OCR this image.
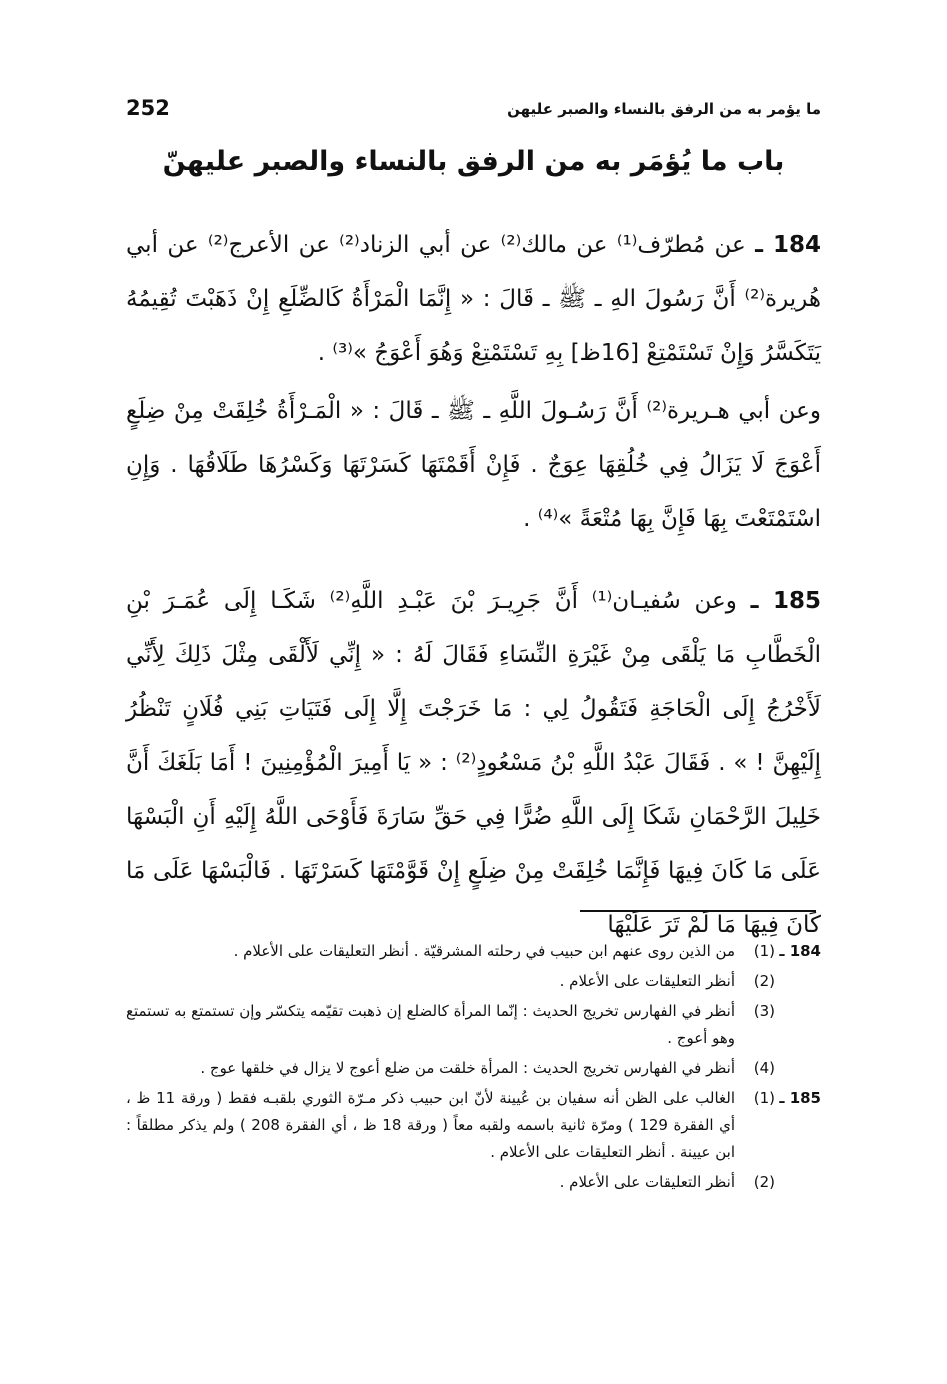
252	ما يؤمر به من الرفق بالنساء والصبر عليهن
باب ما يُؤمَر به من الرفق بالنساء والصبر عليهنّ
184 ـ عن مُطرّف⁽¹⁾ عن مالك⁽²⁾ عن أبي الزناد⁽²⁾ عن الأعرج⁽²⁾ عن أبي هُريرة⁽²⁾ أَنَّ رَسُولَ الهِ ـ ﷺ ـ قَالَ : « إِنَّمَا الْمَرْأَةُ كَالضِّلَعِ إِنْ ذَهَبْتَ تُقِيمُهُ يَتَكَسَّرُ وَإِنْ تَسْتَمْتِعْ [16ظ] بِهِ تَسْتَمْتِعْ وَهُوَ أَعْوَجُ »⁽³⁾ .
وعن أبي هـريرة⁽²⁾ أَنَّ رَسُـولَ اللَّهِ ـ ﷺ ـ قَالَ : « الْمَـرْأَةُ خُلِقَتْ مِنْ ضِلَعٍ أَعْوَجَ لَا يَزَالُ فِي خُلُقِهَا عِوَجٌ . فَإِنْ أَقَمْتَهَا كَسَرْتَهَا وَكَسْرُهَا طَلَاقُهَا . وَإِنِ اسْتَمْتَعْتَ بِهَا فَإِنَّ بِهَا مُتْعَةً »⁽⁴⁾ .
185 ـ وعن سُفيـان⁽¹⁾ أَنَّ جَرِيـرَ بْنَ عَبْـدِ اللَّهِ⁽²⁾ شَكَـا إِلَى عُمَـرَ بْنِ الْخَطَّابِ مَا يَلْقَى مِنْ غَيْرَةِ النِّسَاءِ فَقَالَ لَهُ : « إِنِّي لَأَلْقَى مِثْلَ ذَلِكَ لِأَنِّي لَأَخْرُجُ إِلَى الْحَاجَةِ فَتَقُولُ لِي : مَا خَرَجْتَ إِلَّا إِلَى فَتَيَاتِ بَنِي فُلَانٍ تَنْظُرُ إِلَيْهِنَّ ! » . فَقَالَ عَبْدُ اللَّهِ بْنُ مَسْعُودٍ⁽²⁾ : « يَا أَمِيرَ الْمُؤْمِنِينَ ! أَمَا بَلَغَكَ أَنَّ خَلِيلَ الرَّحْمَانِ شَكَا إِلَى اللَّهِ ضُرًّا فِي حَقِّ سَارَةَ فَأَوْحَى اللَّهُ إِلَيْهِ أَنِ الْبَسْهَا عَلَى مَا كَانَ فِيهَا فَإِنَّمَا خُلِقَتْ مِنْ ضِلَعٍ إِنْ قَوَّمْتَهَا كَسَرْتَهَا . فَالْبَسْهَا عَلَى مَا كَانَ فِيهَا مَا لَمْ تَرَ عَلَيْهَا
184 ـ
(1)
من الذين روى عنهم ابن حبيب في رحلته المشرقيّة . أنظر التعليقات على الأعلام .
(2)
أنظر التعليقات على الأعلام .
(3)
أنظر في الفهارس تخريج الحديث : إنّما المرأة كالضلع إن ذهبت تقيّمه يتكسّر وإن تستمتع به تستمتع وهو أعوج .
(4)
أنظر في الفهارس تخريج الحديث : المرأة خلقت من ضلع أعوج لا يزال في خلقها عوج .
185 ـ
(1)
الغالب على الظن أنه سفيان بن عُيينة لأنّ ابن حبيب ذكر مـرّة الثوري بلقبـه فقط ( ورقة 11 ظ ، أي الفقرة 129 ) ومرّة ثانية باسمه ولقبه معاً ( ورقة 18 ظ ، أي الفقرة 208 ) ولم يذكر مطلقاً : ابن عيينة . أنظر التعليقات على الأعلام .
(2)
أنظر التعليقات على الأعلام .
